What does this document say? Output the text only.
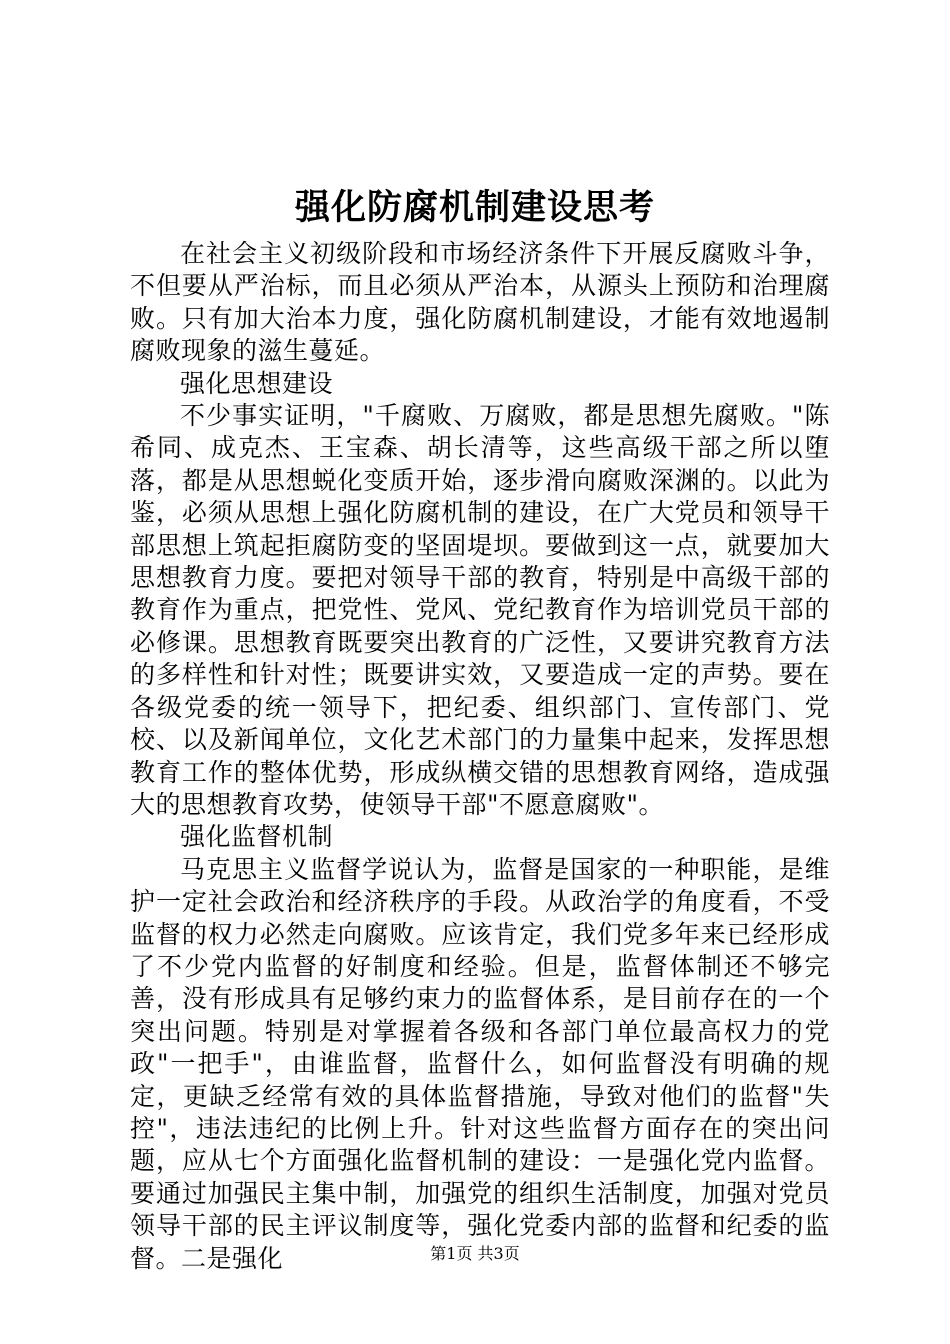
强化防腐机制建设思考

在社会主义初级阶段和市场经济条件下开展反腐败斗争，不但要从严治标，而且必须从严治本，从源头上预防和治理腐败。只有加大治本力度，强化防腐机制建设，才能有效地遏制腐败现象的滋生蔓延。

强化思想建设

不少事实证明，"千腐败、万腐败，都是思想先腐败。"陈希同、成克杰、王宝森、胡长清等，这些高级干部之所以堕落，都是从思想蜕化变质开始，逐步滑向腐败深渊的。以此为鉴，必须从思想上强化防腐机制的建设，在广大党员和领导干部思想上筑起拒腐防变的坚固堤坝。要做到这一点，就要加大思想教育力度。要把对领导干部的教育，特别是中高级干部的教育作为重点，把党性、党风、党纪教育作为培训党员干部的必修课。思想教育既要突出教育的广泛性，又要讲究教育方法的多样性和针对性；既要讲实效，又要造成一定的声势。要在各级党委的统一领导下，把纪委、组织部门、宣传部门、党校、以及新闻单位，文化艺术部门的力量集中起来，发挥思想教育工作的整体优势，形成纵横交错的思想教育网络，造成强大的思想教育攻势，使领导干部"不愿意腐败"。

强化监督机制

马克思主义监督学说认为，监督是国家的一种职能，是维护一定社会政治和经济秩序的手段。从政治学的角度看，不受监督的权力必然走向腐败。应该肯定，我们党多年来已经形成了不少党内监督的好制度和经验。但是，监督体制还不够完善，没有形成具有足够约束力的监督体系，是目前存在的一个突出问题。特别是对掌握着各级和各部门单位最高权力的党政"一把手"，由谁监督，监督什么，如何监督没有明确的规定，更缺乏经常有效的具体监督措施，导致对他们的监督"失控"，违法违纪的比例上升。针对这些监督方面存在的突出问题，应从七个方面强化监督机制的建设：一是强化党内监督。要通过加强民主集中制，加强党的组织生活制度，加强对党员领导干部的民主评议制度等，强化党委内部的监督和纪委的监督。二是强化	第1页 共3页
